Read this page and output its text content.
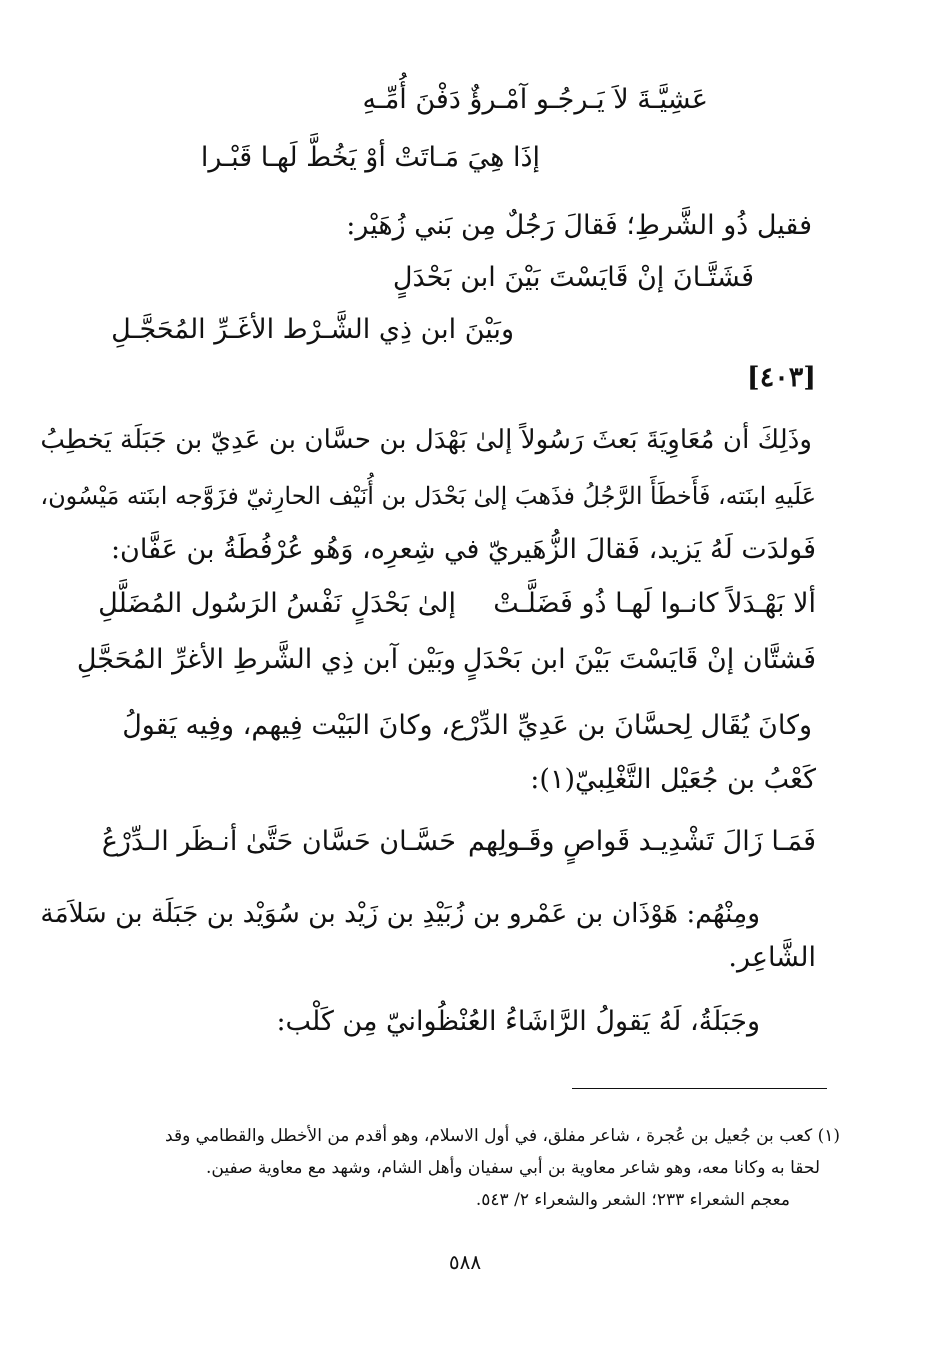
عَشِيَّـةَ لاَ يَـرجُـو آمْـرؤٌ دَفْنَ أُمِّـهِ
إذَا هِيَ مَـاتَتْ أوْ يَخُطَّ لَهـا قَبْـرا
فقيل ذُو الشَّرطِ؛ فَقالَ رَجُلٌ مِن بَني زُهَيْر:
فَشَتَّـانَ إنْ قَايَسْتَ بَيْنَ ابن بَحْدَلٍ
وبَيْنَ ابن ذِي الشَّـرْط الأغَـرِّ المُحَجَّـلِ
[٤٠٣]
وذَلِكَ أن مُعَاوِيَةَ بَعثَ رَسُولاً إلىٰ بَهْدَل بن حسَّان بن عَدِيّ بن جَبَلَة يَخطِبُ
عَلَيهِ ابنَته، فَأَخطَأَ الرَّجُلُ فذَهبَ إلىٰ بَحْدَل بن أُنَيْف الحارِثيّ فزَوَّجه ابنَته مَيْسُون،
فَولدَت لَهُ يَزيد، فَقالَ الزُّهَيريّ في شِعرِه، وَهُو عُرْفُطَةُ بن عَفَّان:
ألا بَهْـدَلاً كانـوا لَهـا ذُو فَضَلَّـتْ
إلىٰ بَحْدَلٍ نَفْسُ الرَسُول المُضَلَّلِ
فَشتَّان إنْ قَايَسْتَ بَيْنَ ابن بَحْدَلٍ
وبَيْن آبن ذِي الشَّرطِ الأغرِّ المُحَجَّلِ
وكانَ يُقَال لِحسَّانَ بن عَدِيِّ الدِّرْع، وكانَ البَيْت فِيهم، وفِيه يَقولُ
كَعْبُ بن جُعَيْل التَّغْلِبيّ(١):
فَمَـا زَالَ تَشْدِيـد قَواصٍ وقَـولِهم
حَسَّـان حَسَّان حَتَّىٰ أنـظَر الـدِّرْعُ
ومِنْهُم: هَوْذَان بن عَمْرو بن زُبَيْدِ بن زَيْد بن سُوَيْد بن جَبَلَة بن سَلاَمَة
الشَّاعِر.
وجَبَلَةُ، لَهُ يَقولُ الرَّاشَاءُ العُنْظُوانيّ مِن كَلْب:
(١) كعب بن جُعيل بن عُجرة ، شاعر مفلق، في أول الاسلام، وهو أقدم من الأخطل والقطامي وقد
لحقا به وكانا معه، وهو شاعر معاوية بن أبي سفيان وأهل الشام، وشهد مع معاوية صفين.
معجم الشعراء ٢٣٣؛ الشعر والشعراء ٢/ ٥٤٣.
٥٨٨
